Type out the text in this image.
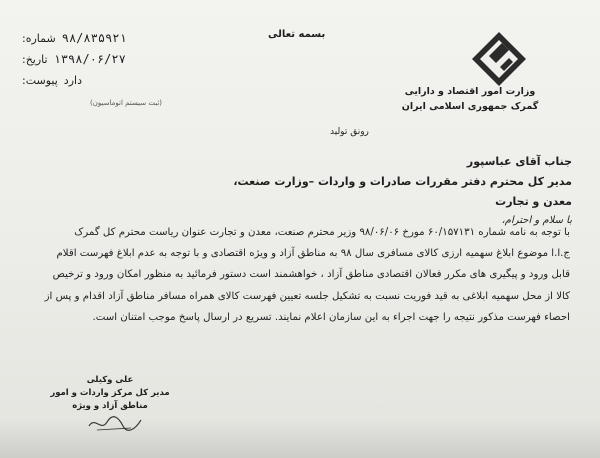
وزارت امور اقتصاد و دارایی
گمرک جمهوری اسلامی ایران
بسمه تعالی
شماره: ۹۸/۸۳۵۹۲۱
تاریخ: ۱۳۹۸/۰۶/۲۷
پیوست: دارد
(ثبت سیستم اتوماسیون)
رونق تولید
جناب آقای عباسپور
مدیر کل محترم دفتر مقررات صادرات و واردات –وزارت صنعت، معدن و تجارت
با سلام و احترام،
با توجه به نامه شماره ۶۰/۱۵۷۱۳۱ مورخ ۹۸/۰۶/۰۶ وزیر محترم صنعت، معدن و تجارت عنوان ریاست محترم کل گمرک
ج.ا.ا موضوع ابلاغ سهمیه ارزی کالای مسافری سال ۹۸ به مناطق آزاد و ویژه اقتصادی و با توجه به عدم ابلاغ فهرست اقلام
قابل ورود و پیگیری های مکرر فعالان اقتصادی مناطق آزاد ، خواهشمند است دستور فرمائید به منظور امکان ورود و ترخیص
کالا از محل سهمیه ابلاغی به قید فوریت نسبت به تشکیل جلسه تعیین فهرست کالای همراه مسافر مناطق آزاد اقدام و پس از
احصاء فهرست مذکور نتیجه را جهت اجراء به این سازمان اعلام نمایند. تسریع در ارسال پاسخ موجب امتنان است.
علی وکیلی
مدیر کل مرکز واردات و امور مناطق آزاد و ویژه
